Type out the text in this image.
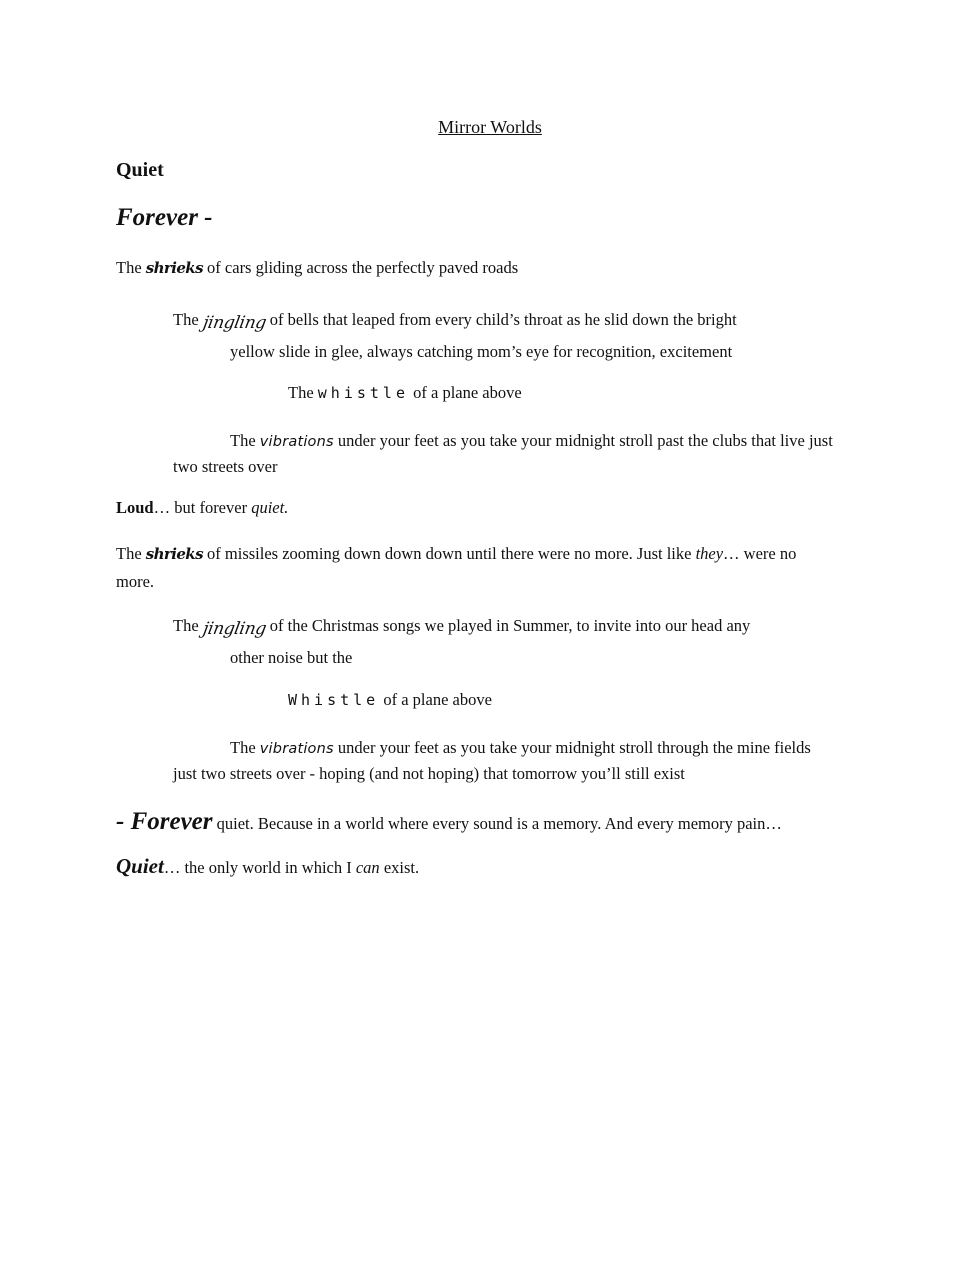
Mirror Worlds
Quiet
Forever -
The shrieks of cars gliding across the perfectly paved roads
The jingling of bells that leaped from every child’s throat as he slid down the bright
yellow slide in glee, always catching mom’s eye for recognition, excitement
The whistle of a plane above
The vibrations under your feet as you take your midnight stroll past the clubs that live just
two streets over
Loud… but forever quiet.
The shrieks of missiles zooming down down down until there were no more. Just like they… were no
more.
The jingling of the Christmas songs we played in Summer, to invite into our head any
other noise but the
Whistle of a plane above
The vibrations under your feet as you take your midnight stroll through the mine fields
just two streets over - hoping (and not hoping) that tomorrow you’ll still exist
- Forever quiet. Because in a world where every sound is a memory. And every memory pain…
Quiet… the only world in which I can exist.
